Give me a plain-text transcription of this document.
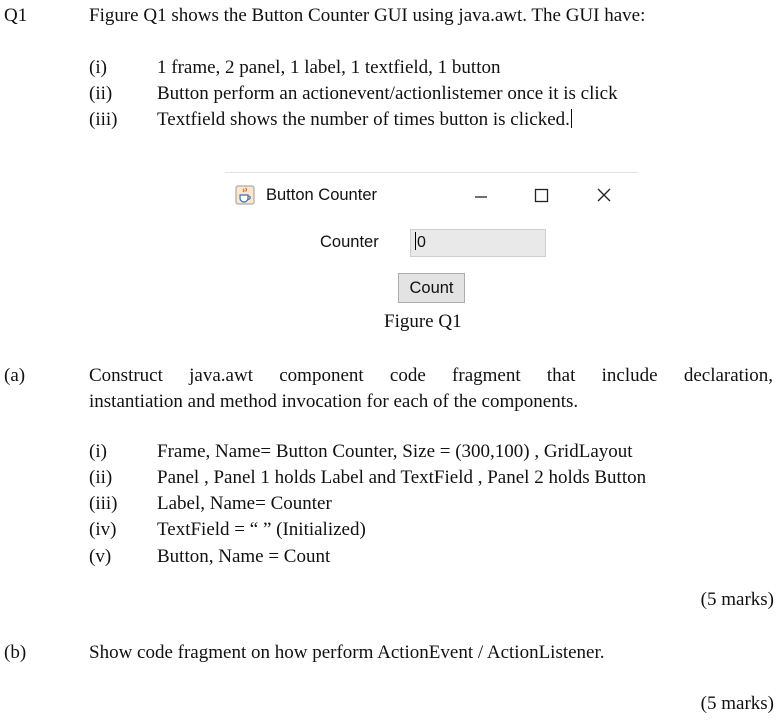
Q1	Figure Q1 shows the Button Counter GUI using java.awt. The GUI have:
(i)	1 frame, 2 panel, 1 label, 1 textfield, 1 button
(ii) Button perform an actionevent/actionlistemer once it is click
(iii) Textfield shows the number of times button is clicked.
Button Counter
Counter	0
Count
Figure Q1
(a)	Construct java.awt component code fragment that include declaration,
instantiation and method invocation for each of the components.
(i)	Frame, Name= Button Counter, Size = (300,100) , GridLayout
(ii) Panel , Panel 1 holds Label and TextField , Panel 2 holds Button
(iii) Label, Name= Counter
(iv) TextField = “ ” (Initialized)
(v) Button, Name = Count
(5 marks)
(b)	Show code fragment on how perform ActionEvent / ActionListener.
(5 marks)
